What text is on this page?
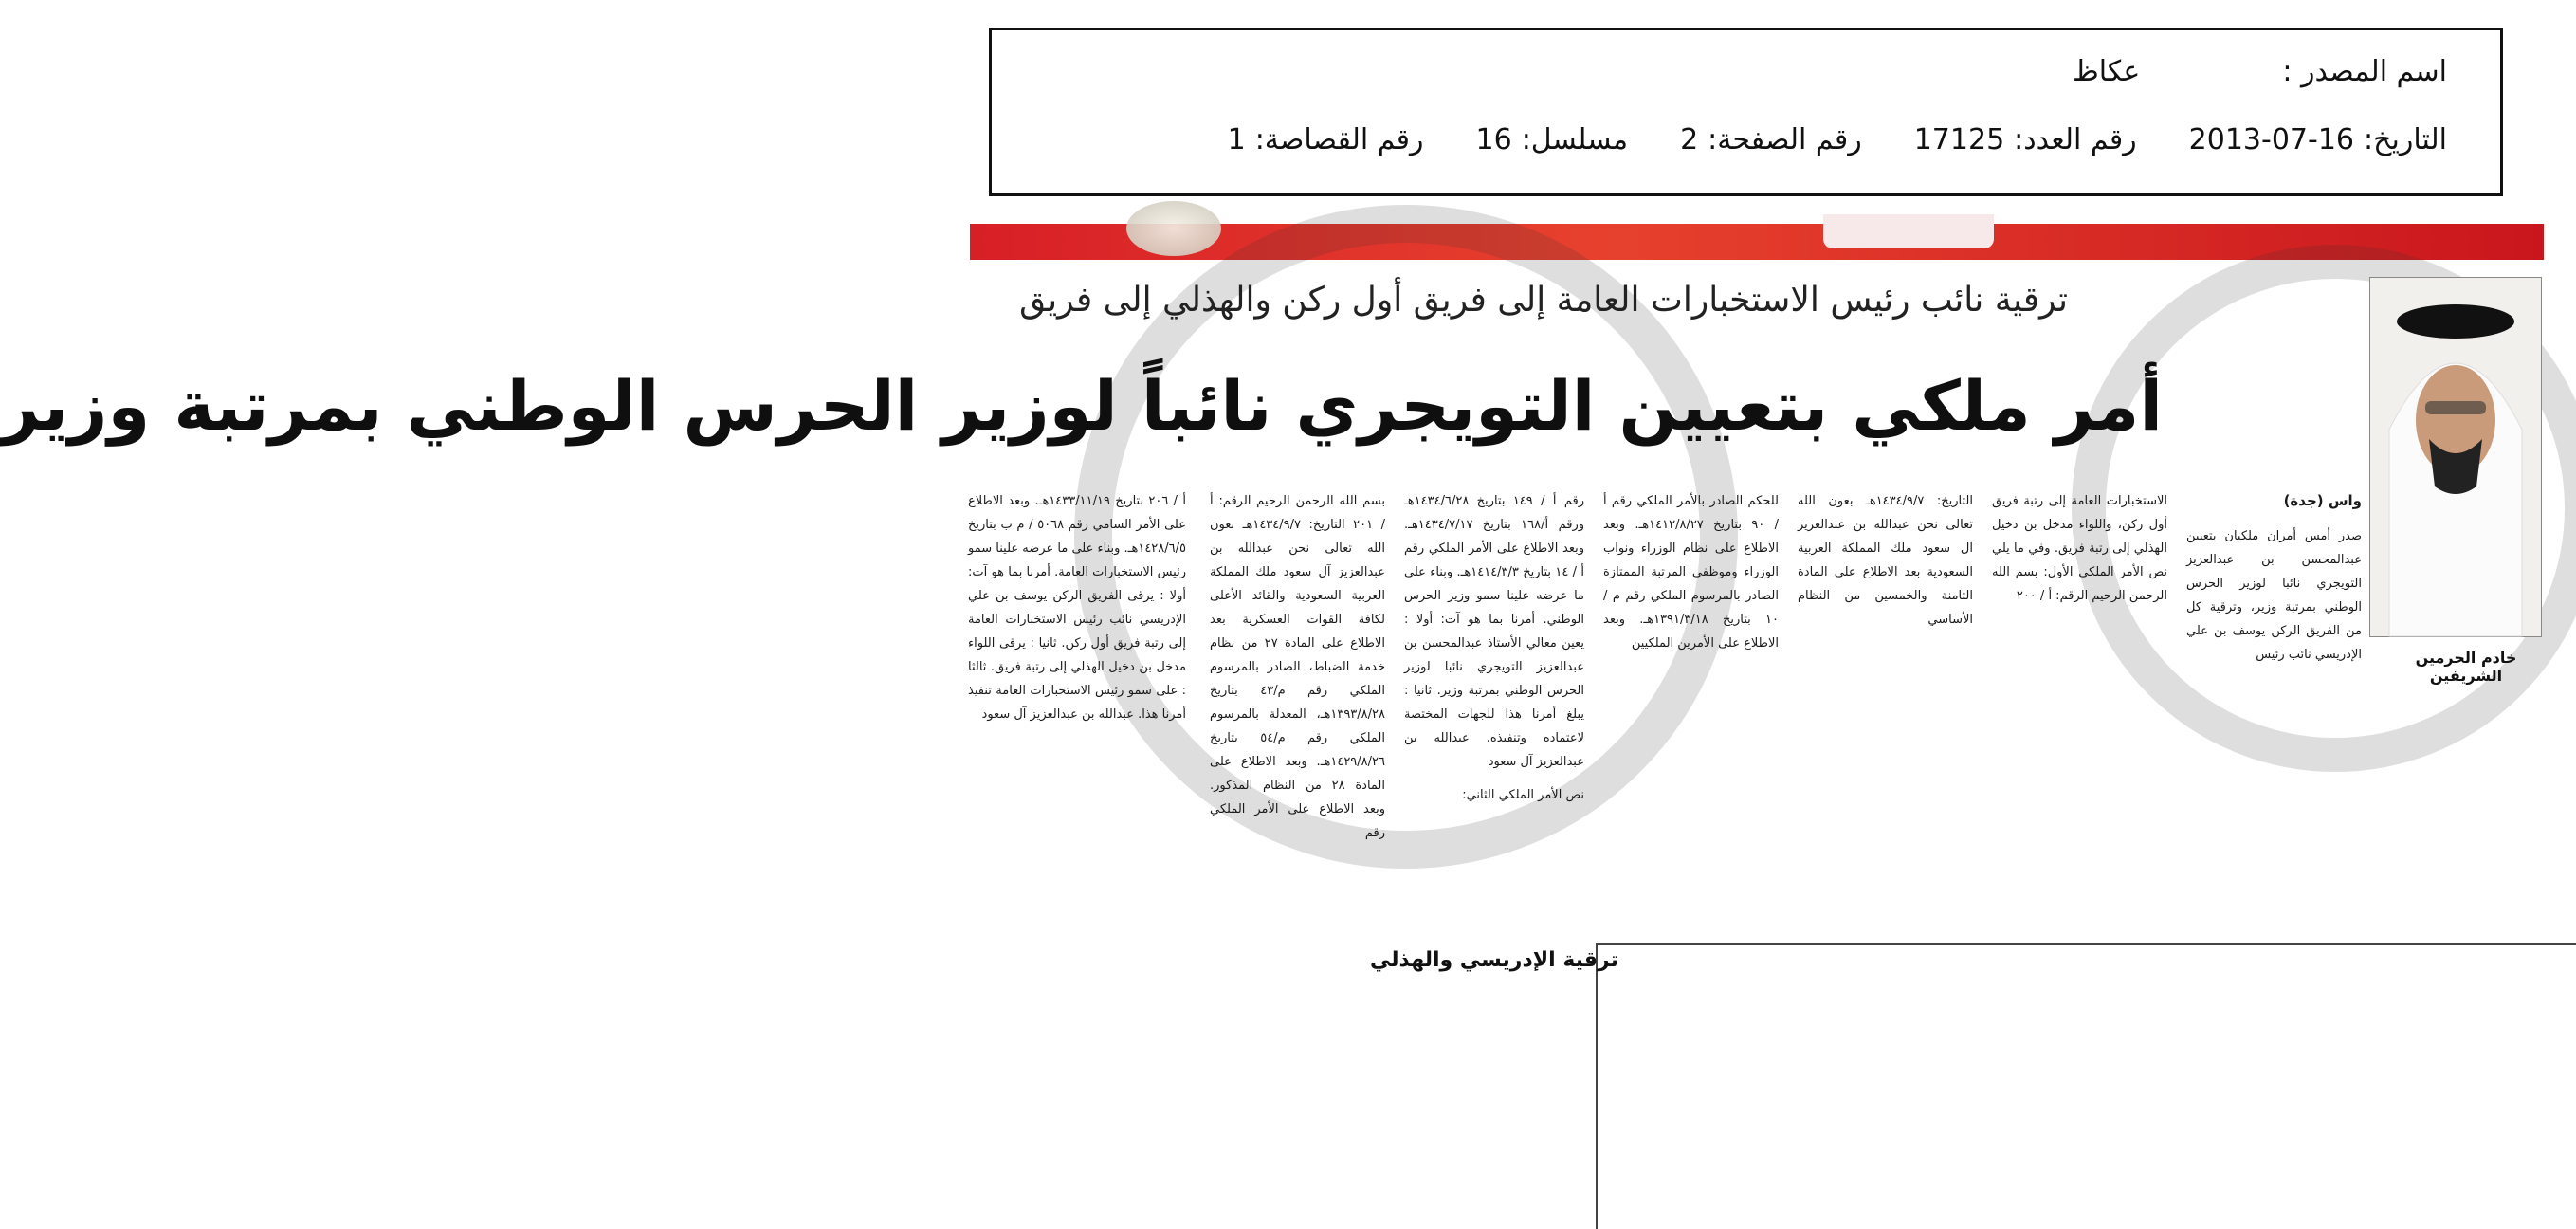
اسم المصدر :
عكاظ
التاريخ:
2013-07-16
رقم العدد:
17125
رقم الصفحة:
2
مسلسل:
16
رقم القصاصة:
1
ترقية نائب رئيس الاستخبارات العامة إلى فريق أول ركن والهذلي إلى فريق
أمر ملكي بتعيين التويجري نائباً لوزير الحرس الوطني بمرتبة وزير
خادم الحرمين الشريفين
واس (جدة)

صدر أمس أمران ملكيان بتعيين عبدالمحسن بن عبدالعزيز التويجري نائبا لوزير الحرس الوطني بمرتبة وزير، وترقية كل من الفريق الركن يوسف بن علي الإدريسي نائب رئيس

الاستخبارات العامة إلى رتبة فريق أول ركن، واللواء مدخل بن دخيل الهذلي إلى رتبة فريق. وفي ما يلي نص الأمر الملكي الأول: بسم الله الرحمن الرحيم الرقم: أ / ٢٠٠

التاريخ: ١٤٣٤/٩/٧هـ بعون الله تعالى نحن عبدالله بن عبدالعزيز آل سعود ملك المملكة العربية السعودية بعد الاطلاع على المادة الثامنة والخمسين من النظام الأساسي

للحكم الصادر بالأمر الملكي رقم أ / ٩٠ بتاريخ ١٤١٢/٨/٢٧هـ. وبعد الاطلاع على نظام الوزراء ونواب الوزراء وموظفي المرتبة الممتازة الصادر بالمرسوم الملكي رقم م / ١٠ بتاريخ ١٣٩١/٣/١٨هـ. وبعد الاطلاع على الأمرين الملكيين

رقم أ / ١٤٩ بتاريخ ١٤٣٤/٦/٢٨هـ ورقم أ/١٦٨ بتاريخ ١٤٣٤/٧/١٧هـ. وبعد الاطلاع على الأمر الملكي رقم أ / ١٤ بتاريخ ١٤١٤/٣/٣هـ. وبناء على ما عرضه علينا سمو وزير الحرس الوطني. أمرنا بما هو آت: أولا : يعين معالي الأستاذ عبدالمحسن بن عبدالعزيز التويجري نائبا لوزير الحرس الوطني بمرتبة وزير. ثانيا : يبلغ أمرنا هذا للجهات المختصة لاعتماده وتنفيذه. عبدالله بن عبدالعزيز آل سعود

نص الأمر الملكي الثاني:

بسم الله الرحمن الرحيم الرقم: أ / ٢٠١ التاريخ: ١٤٣٤/٩/٧هـ بعون الله تعالى نحن عبدالله بن عبدالعزيز آل سعود ملك المملكة العربية السعودية والقائد الأعلى لكافة القوات العسكرية بعد الاطلاع على المادة ٢٧ من نظام خدمة الضباط، الصادر بالمرسوم الملكي رقم م/٤٣ بتاريخ ١٣٩٣/٨/٢٨هـ، المعدلة بالمرسوم الملكي رقم م/٥٤ بتاريخ ١٤٢٩/٨/٢٦هـ. وبعد الاطلاع على المادة ٢٨ من النظام المذكور. وبعد الاطلاع على الأمر الملكي رقم

أ / ٢٠٦ بتاريخ ١٤٣٣/١١/١٩هـ. وبعد الاطلاع على الأمر السامي رقم ٥٠٦٨ / م ب بتاريخ ١٤٢٨/٦/٥هـ. وبناء على ما عرضه علينا سمو رئيس الاستخبارات العامة. أمرنا بما هو آت: أولا : يرقى الفريق الركن يوسف بن علي الإدريسي نائب رئيس الاستخبارات العامة إلى رتبة فريق أول ركن. ثانيا : يرقى اللواء مدخل بن دخيل الهذلي إلى رتبة فريق. ثالثا : على سمو رئيس الاستخبارات العامة تنفيذ أمرنا هذا. عبدالله بن عبدالعزيز آل سعود

ترقية الإدريسي والهذلي
